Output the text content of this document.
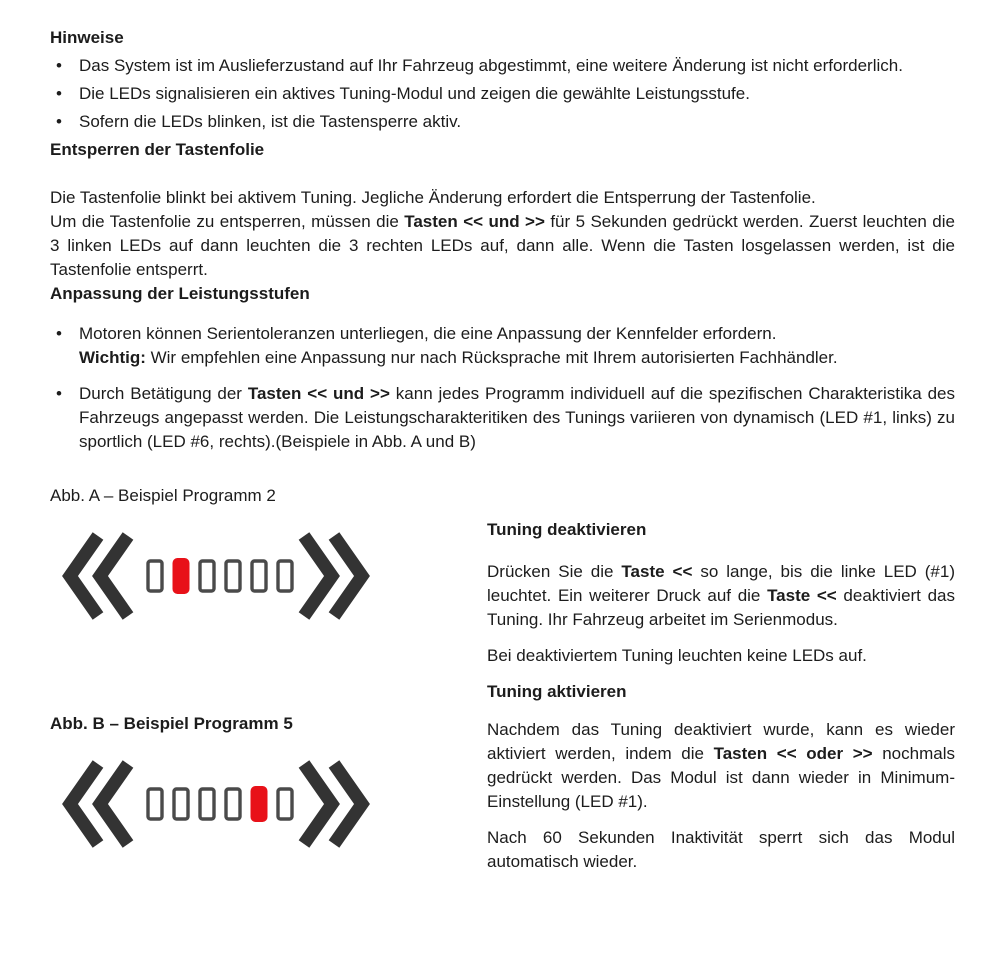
Hinweise
•	Das System ist im Auslieferzustand auf Ihr Fahrzeug abgestimmt, eine weitere Änderung ist nicht erforderlich.
•	Die LEDs signalisieren ein aktives Tuning-Modul und zeigen die gewählte Leistungsstufe.
•	Sofern die LEDs blinken, ist die Tastensperre aktiv.
Entsperren der Tastenfolie

Die Tastenfolie blinkt bei aktivem Tuning. Jegliche Änderung erfordert die Entsperrung der Tastenfolie.

Um die Tastenfolie zu entsperren, müssen die Tasten << und >> für 5 Sekunden gedrückt werden. Zuerst leuchten die 3 linken LEDs auf dann leuchten die 3 rechten LEDs auf, dann alle. Wenn die Tasten losgelassen werden, ist die Tastenfolie entsperrt.

Anpassung der Leistungsstufen
•	Motoren können Serientoleranzen unterliegen, die eine Anpassung der Kennfelder erfordern.
Wichtig: Wir empfehlen eine Anpassung nur nach Rücksprache mit Ihrem autorisierten Fachhändler.
•	Durch Betätigung der Tasten << und >> kann jedes Programm individuell auf die spezifischen Charakteristika des Fahrzeugs angepasst werden. Die Leistungscharakteritiken des Tunings variieren von dynamisch (LED #1, links) zu sportlich (LED #6, rechts).(Beispiele in Abb. A und B)

Abb. A – Beispiel Programm 2

Abb. B – Beispiel Programm 5

Tuning deaktivieren

Drücken Sie die Taste << so lange, bis die linke LED (#1) leuchtet. Ein weiterer Druck auf die Taste << deaktiviert das Tuning. Ihr Fahrzeug arbeitet im Serienmodus.

Bei deaktiviertem Tuning leuchten keine LEDs auf.

Tuning aktivieren

Nachdem das Tuning deaktiviert wurde, kann es wieder aktiviert werden, indem die Tasten << oder >> nochmals gedrückt werden. Das Modul ist dann wieder in Minimum-Einstellung (LED #1).

Nach 60 Sekunden Inaktivität sperrt sich das Modul automatisch wieder.
